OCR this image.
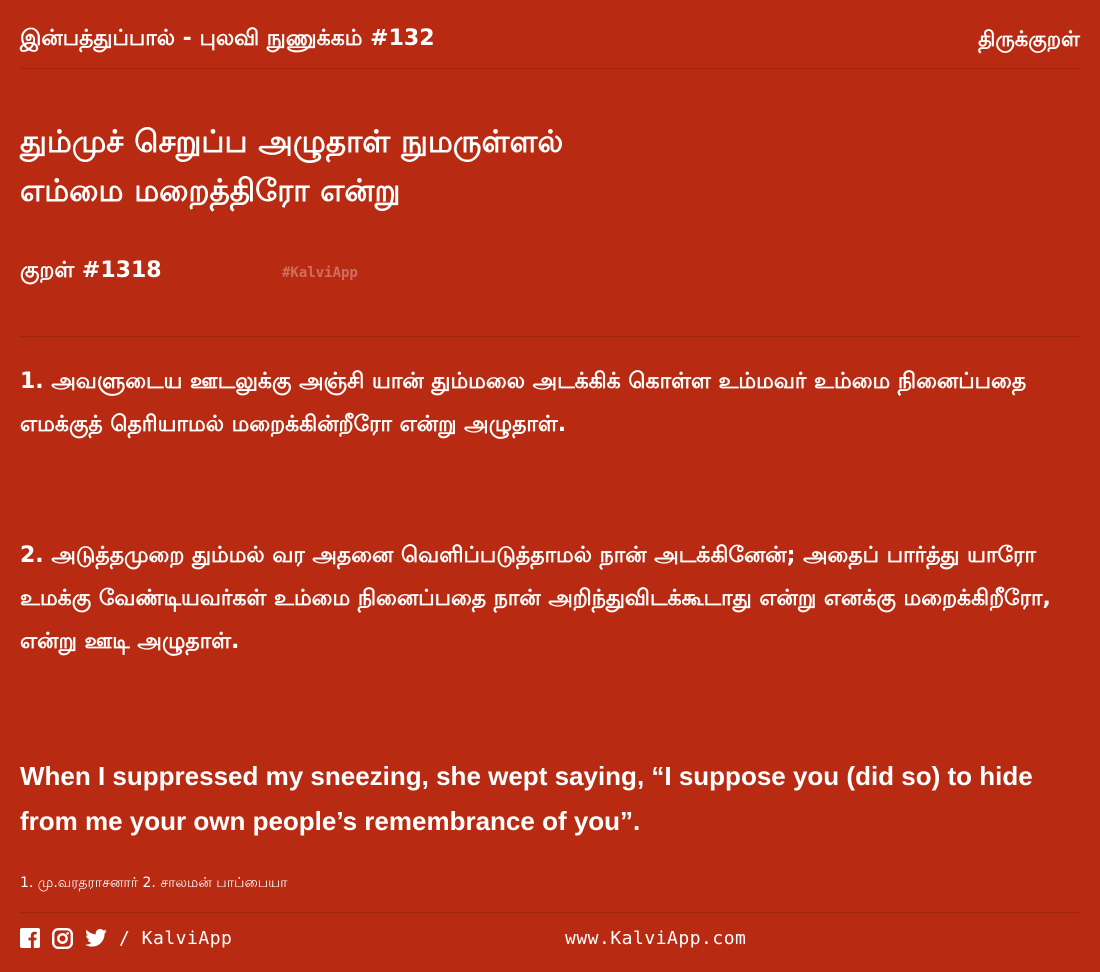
இன்பத்துப்பால் - புலவி நுணுக்கம் #132	திருக்குறள்
தும்முச் செறுப்ப அழுதாள் நுமருள்ளல்
எம்மை மறைத்திரோ என்று
குறள் #1318	#KalviApp
1. அவளுடைய ஊடலுக்கு அஞ்சி யான் தும்மலை அடக்கிக் கொள்ள உம்மவர் உம்மை நினைப்பதை எமக்குத் தெரியாமல் மறைக்கின்றீரோ என்று அழுதாள்.
2. அடுத்தமுறை தும்மல் வர அதனை வெளிப்படுத்தாமல் நான் அடக்கினேன்; அதைப் பார்த்து யாரோ உமக்கு வேண்டியவர்கள் உம்மை நினைப்பதை நான் அறிந்துவிடக்கூடாது என்று எனக்கு மறைக்கிறீரோ, என்று ஊடி அழுதாள்.
When I suppressed my sneezing, she wept saying, “I suppose you (did so) to hide from me your own people’s remembrance of you”.
1. மு.வரதராசனார் 2. சாலமன் பாப்பையா
/ KalviApp	www.KalviApp.com
